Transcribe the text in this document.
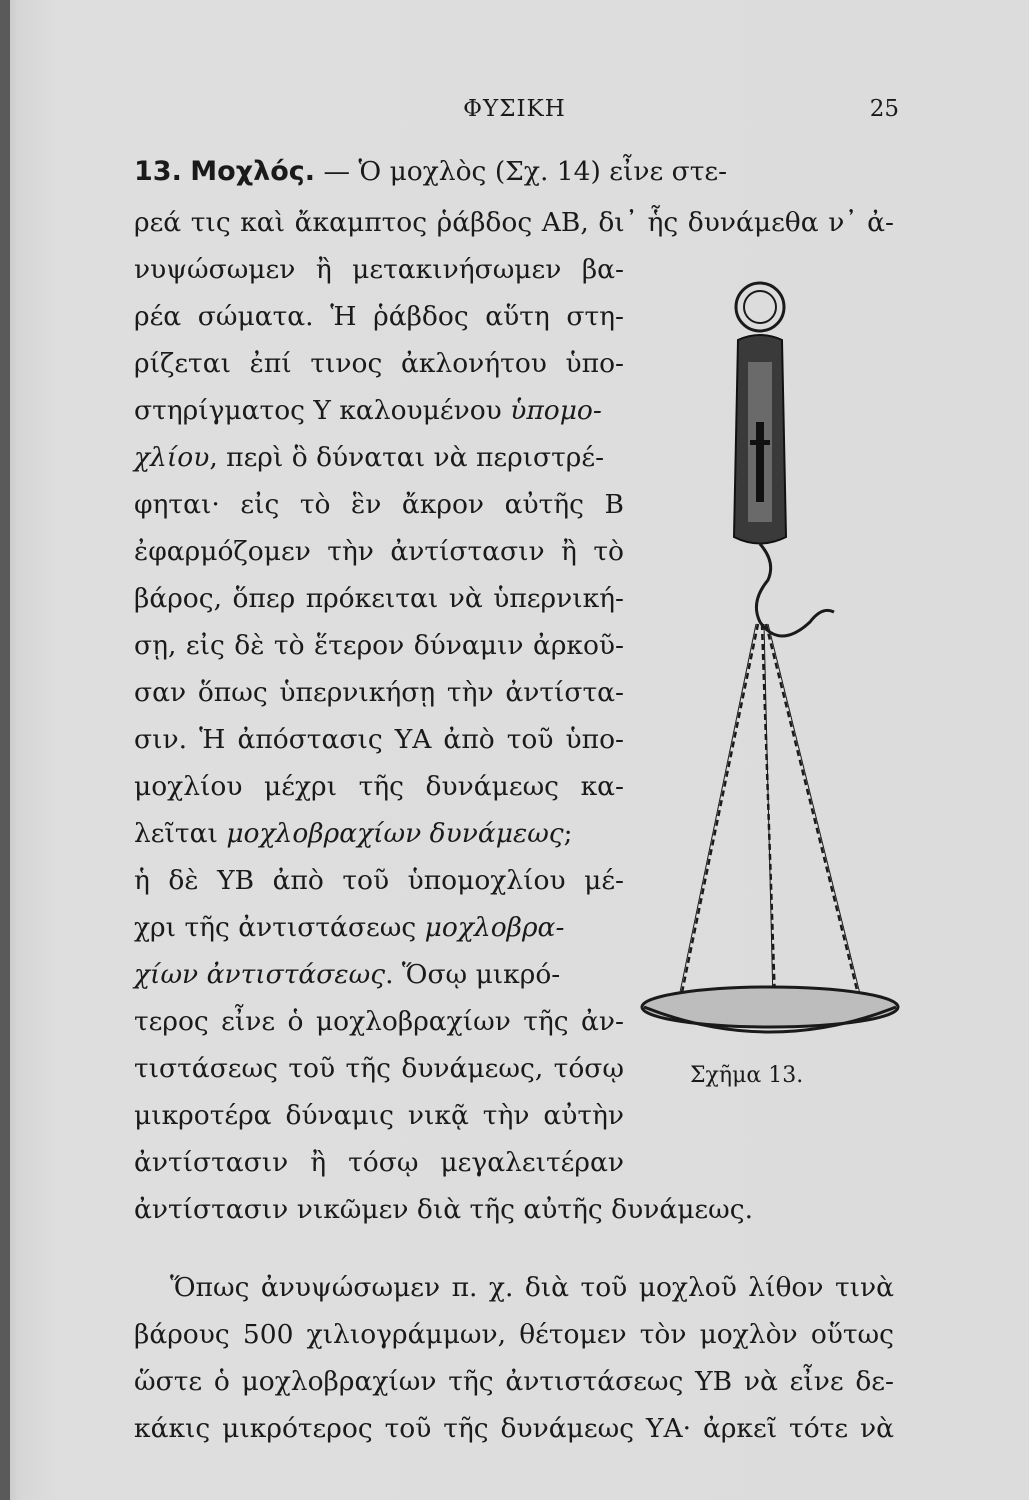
ΦΥΣΙΚΗ	25
13. Μοχλός. — Ὁ μοχλὸς (Σχ. 14) εἶνε στε-
ρεά τις καὶ ἄκαμπτος ῥάβδος ΑΒ, δι᾽ ἧς δυνάμεθα ν᾽ ἀ-
νυψώσωμεν ἢ μετακινήσωμεν βα-
ρέα σώματα. Ἡ ῥάβδος αὕτη στη-
ρίζεται ἐπί τινος ἀκλονήτου ὑπο-
στηρίγματος Υ καλουμένου ὑπομο-
χλίου, περὶ ὃ δύναται νὰ περιστρέ-
φηται· εἰς τὸ ἓν ἄκρον αὐτῆς Β
ἐφαρμόζομεν τὴν ἀντίστασιν ἢ τὸ
βάρος, ὅπερ πρόκειται νὰ ὑπερνική-
σῃ, εἰς δὲ τὸ ἕτερον δύναμιν ἀρκοῦ-
σαν ὅπως ὑπερνικήσῃ τὴν ἀντίστα-
σιν. Ἡ ἀπόστασις ΥΑ ἀπὸ τοῦ ὑπο-
μοχλίου μέχρι τῆς δυνάμεως κα-
λεῖται μοχλοβραχίων δυνάμεως;
ἡ δὲ ΥΒ ἀπὸ τοῦ ὑπομοχλίου μέ-
χρι τῆς ἀντιστάσεως μοχλοβρα-
χίων ἀντιστάσεως. Ὅσῳ μικρό-
τερος εἶνε ὁ μοχλοβραχίων τῆς ἀν-
τιστάσεως τοῦ τῆς δυνάμεως, τόσῳ
μικροτέρα δύναμις νικᾷ τὴν αὐτὴν
ἀντίστασιν ἢ τόσῳ μεγαλειτέραν
ἀντίστασιν νικῶμεν διὰ τῆς αὐτῆς δυνάμεως.
Ὅπως ἀνυψώσωμεν π. χ. διὰ τοῦ μοχλοῦ λίθον τινὰ
βάρους 500 χιλιογράμμων, θέτομεν τὸν μοχλὸν οὕτως
ὥστε ὁ μοχλοβραχίων τῆς ἀντιστάσεως ΥΒ νὰ εἶνε δε-
κάκις μικρότερος τοῦ τῆς δυνάμεως ΥΑ· ἀρκεῖ τότε νὰ
Σχῆμα 13.
